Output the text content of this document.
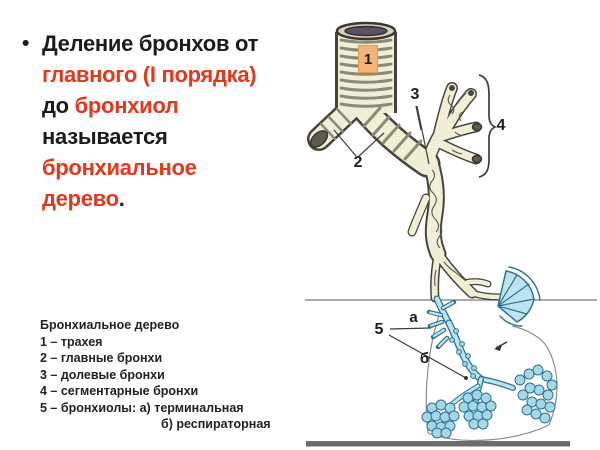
• Деление бронхов от
главного (I порядка)
до бронхиол
называется
бронхиальное
дерево.
Бронхиальное дерево
1 – трахея
2 – главные бронхи
3 – долевые бронхи
4 – сегментарные бронхи
5 – бронхиолы: а) терминальная
б) респираторная
1
2
3
4
5
а
б
